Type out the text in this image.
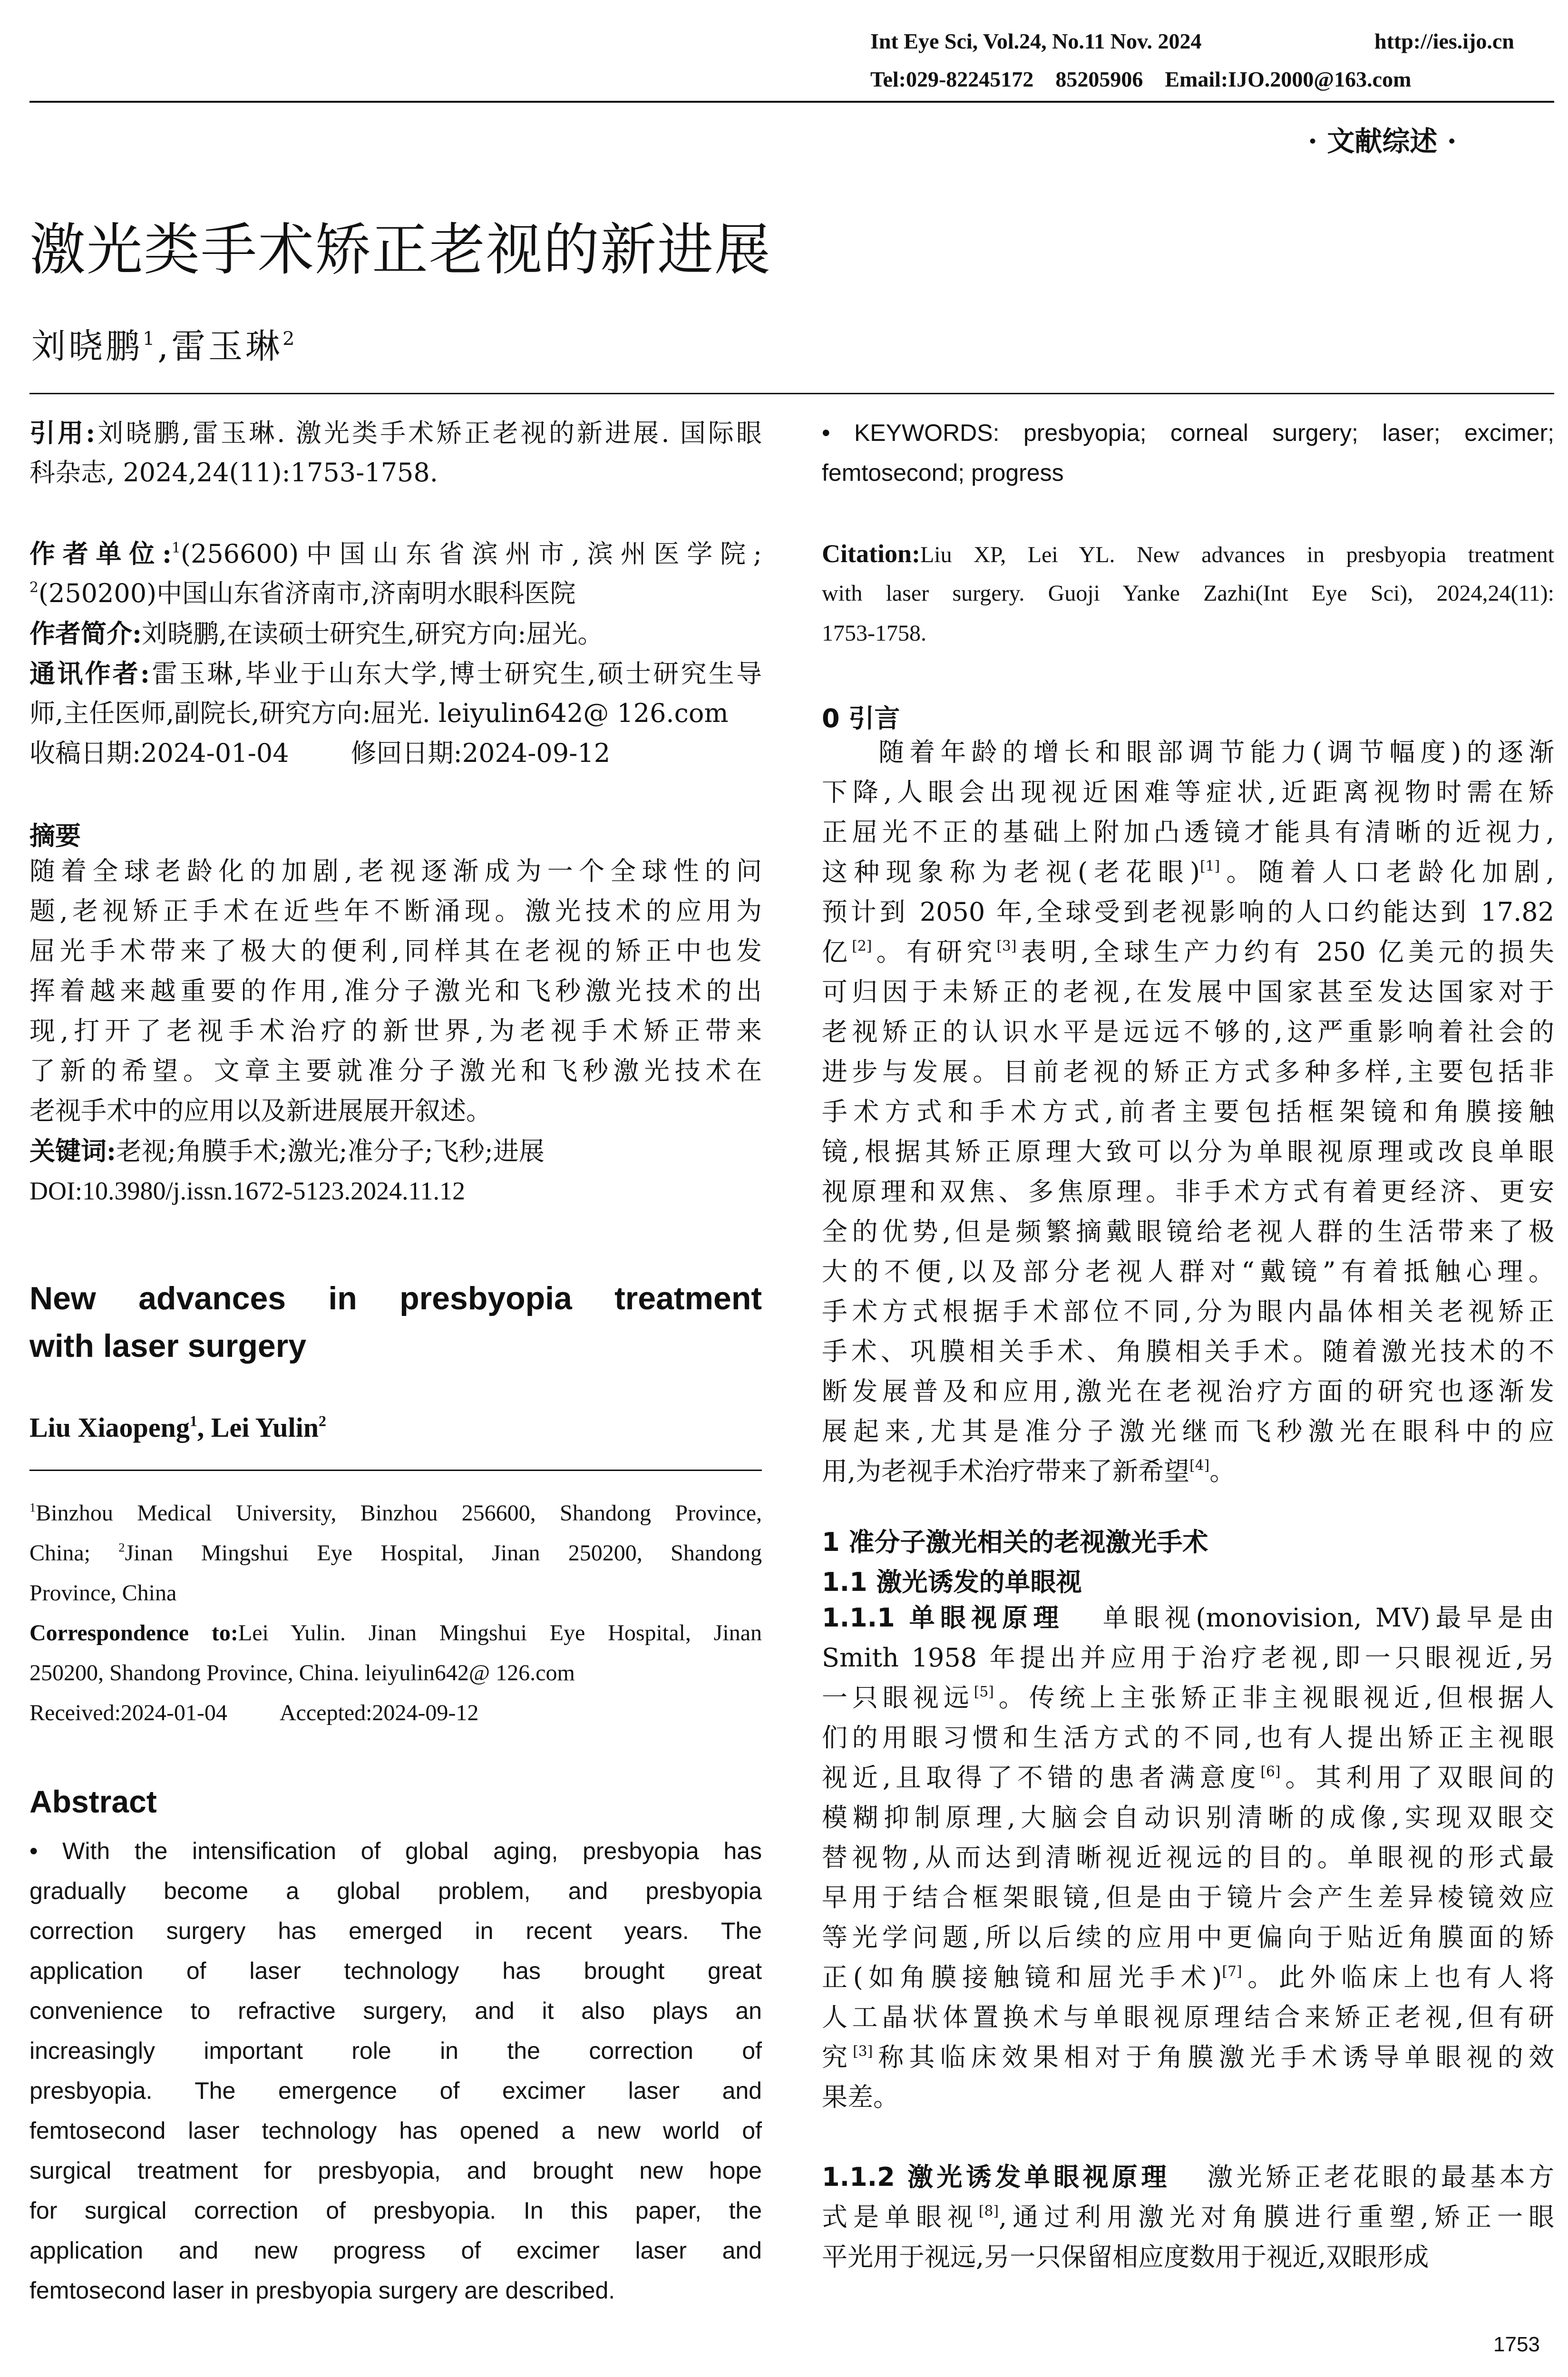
Int Eye Sci, Vol.24, No.11 Nov. 2024	http://ies.ijo.cn
Tel:029-82245172 85205906 Email:IJO.2000@163.com
· 文献综述 ·
激光类手术矫正老视的新进展
刘晓鹏$^1$,雷玉琳$^2$
引用:刘晓鹏,雷玉琳. 激光类手术矫正老视的新进展. 国际眼
科杂志, 2024,24(11):1753-1758.
作者单位:$^1$(256600)中国山东省滨州市,滨州医学院;
$^2$(250200)中国山东省济南市,济南明水眼科医院
作者简介:刘晓鹏,在读硕士研究生,研究方向:屈光。
通讯作者:雷玉琳,毕业于山东大学,博士研究生,硕士研究生导
师,主任医师,副院长,研究方向:屈光. leiyulin642@ 126.com
收稿日期:2024-01-04 修回日期:2024-09-12
摘要
随着全球老龄化的加剧,老视逐渐成为一个全球性的问
题,老视矫正手术在近些年不断涌现。激光技术的应用为
屈光手术带来了极大的便利,同样其在老视的矫正中也发
挥着越来越重要的作用,准分子激光和飞秒激光技术的出
现,打开了老视手术治疗的新世界,为老视手术矫正带来
了新的希望。文章主要就准分子激光和飞秒激光技术在
老视手术中的应用以及新进展展开叙述。
关键词:老视;角膜手术;激光;准分子;飞秒;进展
DOI:10.3980/j.issn.1672-5123.2024.11.12
New advances in presbyopia treatment
with laser surgery
Liu Xiaopeng$^1$, Lei Yulin$^2$
$^1$Binzhou Medical University, Binzhou 256600, Shandong Province,
China; $^2$Jinan Mingshui Eye Hospital, Jinan 250200, Shandong
Province, China
Correspondence to:Lei Yulin. Jinan Mingshui Eye Hospital, Jinan
250200, Shandong Province, China. leiyulin642@ 126.com
Received:2024-01-04 Accepted:2024-09-12
Abstract
• With the intensification of global aging, presbyopia has
gradually become a global problem, and presbyopia
correction surgery has emerged in recent years. The
application of laser technology has brought great
convenience to refractive surgery, and it also plays an
increasingly important role in the correction of
presbyopia. The emergence of excimer laser and
femtosecond laser technology has opened a new world of
surgical treatment for presbyopia, and brought new hope
for surgical correction of presbyopia. In this paper, the
application and new progress of excimer laser and
femtosecond laser in presbyopia surgery are described.
• KEYWORDS: presbyopia; corneal surgery; laser; excimer;
femtosecond; progress
Citation:Liu XP, Lei YL. New advances in presbyopia treatment
with laser surgery. Guoji Yanke Zazhi(Int Eye Sci), 2024,24(11):
1753-1758.
0 引言
随着年龄的增长和眼部调节能力(调节幅度)的逐渐
下降,人眼会出现视近困难等症状,近距离视物时需在矫
正屈光不正的基础上附加凸透镜才能具有清晰的近视力,
这种现象称为老视(老花眼)[1]。随着人口老龄化加剧,
预计到 2050 年,全球受到老视影响的人口约能达到 17.82
亿[2]。有研究[3]表明,全球生产力约有 250 亿美元的损失
可归因于未矫正的老视,在发展中国家甚至发达国家对于
老视矫正的认识水平是远远不够的,这严重影响着社会的
进步与发展。目前老视的矫正方式多种多样,主要包括非
手术方式和手术方式,前者主要包括框架镜和角膜接触
镜,根据其矫正原理大致可以分为单眼视原理或改良单眼
视原理和双焦、多焦原理。非手术方式有着更经济、更安
全的优势,但是频繁摘戴眼镜给老视人群的生活带来了极
大的不便,以及部分老视人群对“戴镜”有着抵触心理。
手术方式根据手术部位不同,分为眼内晶体相关老视矫正
手术、巩膜相关手术、角膜相关手术。随着激光技术的不
断发展普及和应用,激光在老视治疗方面的研究也逐渐发
展起来,尤其是准分子激光继而飞秒激光在眼科中的应
用,为老视手术治疗带来了新希望[4]。
1 准分子激光相关的老视激光手术
1.1 激光诱发的单眼视
1.1.1 单眼视原理 单眼视(monovision, MV)最早是由
Smith 1958 年提出并应用于治疗老视,即一只眼视近,另
一只眼视远[5]。传统上主张矫正非主视眼视近,但根据人
们的用眼习惯和生活方式的不同,也有人提出矫正主视眼
视近,且取得了不错的患者满意度[6]。其利用了双眼间的
模糊抑制原理,大脑会自动识别清晰的成像,实现双眼交
替视物,从而达到清晰视近视远的目的。单眼视的形式最
早用于结合框架眼镜,但是由于镜片会产生差异棱镜效应
等光学问题,所以后续的应用中更偏向于贴近角膜面的矫
正(如角膜接触镜和屈光手术)[7]。此外临床上也有人将
人工晶状体置换术与单眼视原理结合来矫正老视,但有研
究[3]称其临床效果相对于角膜激光手术诱导单眼视的效
果差。
1.1.2 激光诱发单眼视原理 激光矫正老花眼的最基本方
式是单眼视[8],通过利用激光对角膜进行重塑,矫正一眼
平光用于视远,另一只保留相应度数用于视近,双眼形成
1753
